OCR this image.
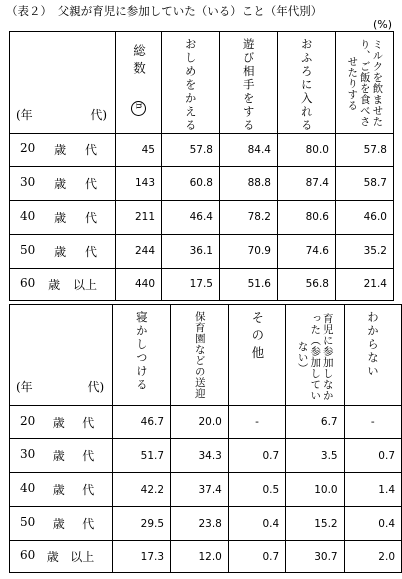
（表２）　父親が育児に参加していた（いる）こと（年代別）
(%)
(年 代)	総数 n	おしめをかえる	遊び相手をする	おふろに入れる	ミルクを飲ませたり、ご飯を食べさせたりする

20 歳 代	45	57.8	84.4	80.0	57.8

30 歳 代	143	60.8	88.8	87.4	58.7

40 歳 代	211	46.4	78.2	80.6	46.0

50 歳 代	244	36.1	70.9	74.6	35.2

60 歳 以上	440	17.5	51.6	56.8	21.4
(年 代)	寝かしつける	保育園などの送迎	その他	育児に参加しなかった（参加していない）	わからない

20 歳 代	46.7	20.0	-	6.7	-

30 歳 代	51.7	34.3	0.7	3.5	0.7

40 歳 代	42.2	37.4	0.5	10.0	1.4

50 歳 代	29.5	23.8	0.4	15.2	0.4

60 歳 以上	17.3	12.0	0.7	30.7	2.0
